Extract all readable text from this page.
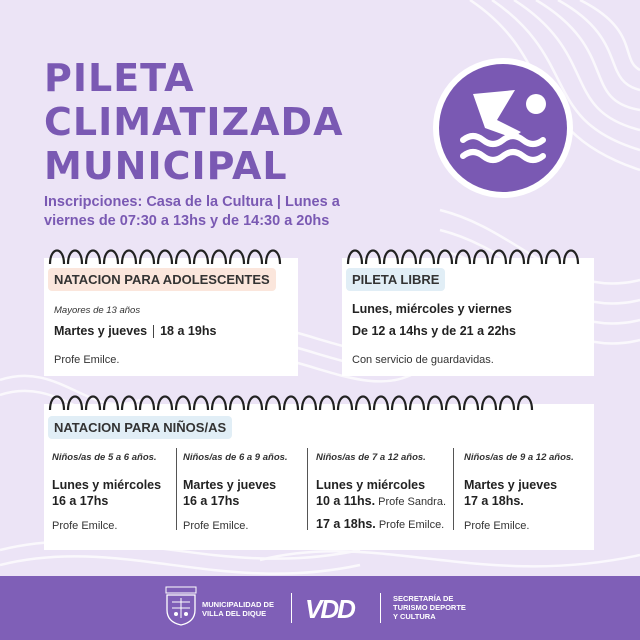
PILETA
CLIMATIZADA
MUNICIPAL
Inscripciones: Casa de la Cultura | Lunes a
viernes de 07:30 a 13hs y de 14:30 a 20hs
NATACION PARA ADOLESCENTES
Mayores de 13 años
Martes y jueves 18 a 19hs
Profe Emilce.
PILETA LIBRE
Lunes, miércoles y viernes
De 12 a 14hs y de 21 a 22hs
Con servicio de guardavidas.
NATACION PARA NIÑOS/AS
Niños/as de 5 a 6 años.
Lunes y miércoles
16 a 17hs
Profe Emilce.
Niños/as de 6 a 9 años.
Martes y jueves
16 a 17hs
Profe Emilce.
Niños/as de 7 a 12 años.
Lunes y miércoles
10 a 11hs. Profe Sandra.
17 a 18hs. Profe Emilce.
Niños/as de 9 a 12 años.
Martes y jueves
17 a 18hs.
Profe Emilce.
MUNICIPALIDAD DE
VILLA DEL DIQUE VDD	SECRETARÍA DE
TURISMO DEPORTE
Y CULTURA
